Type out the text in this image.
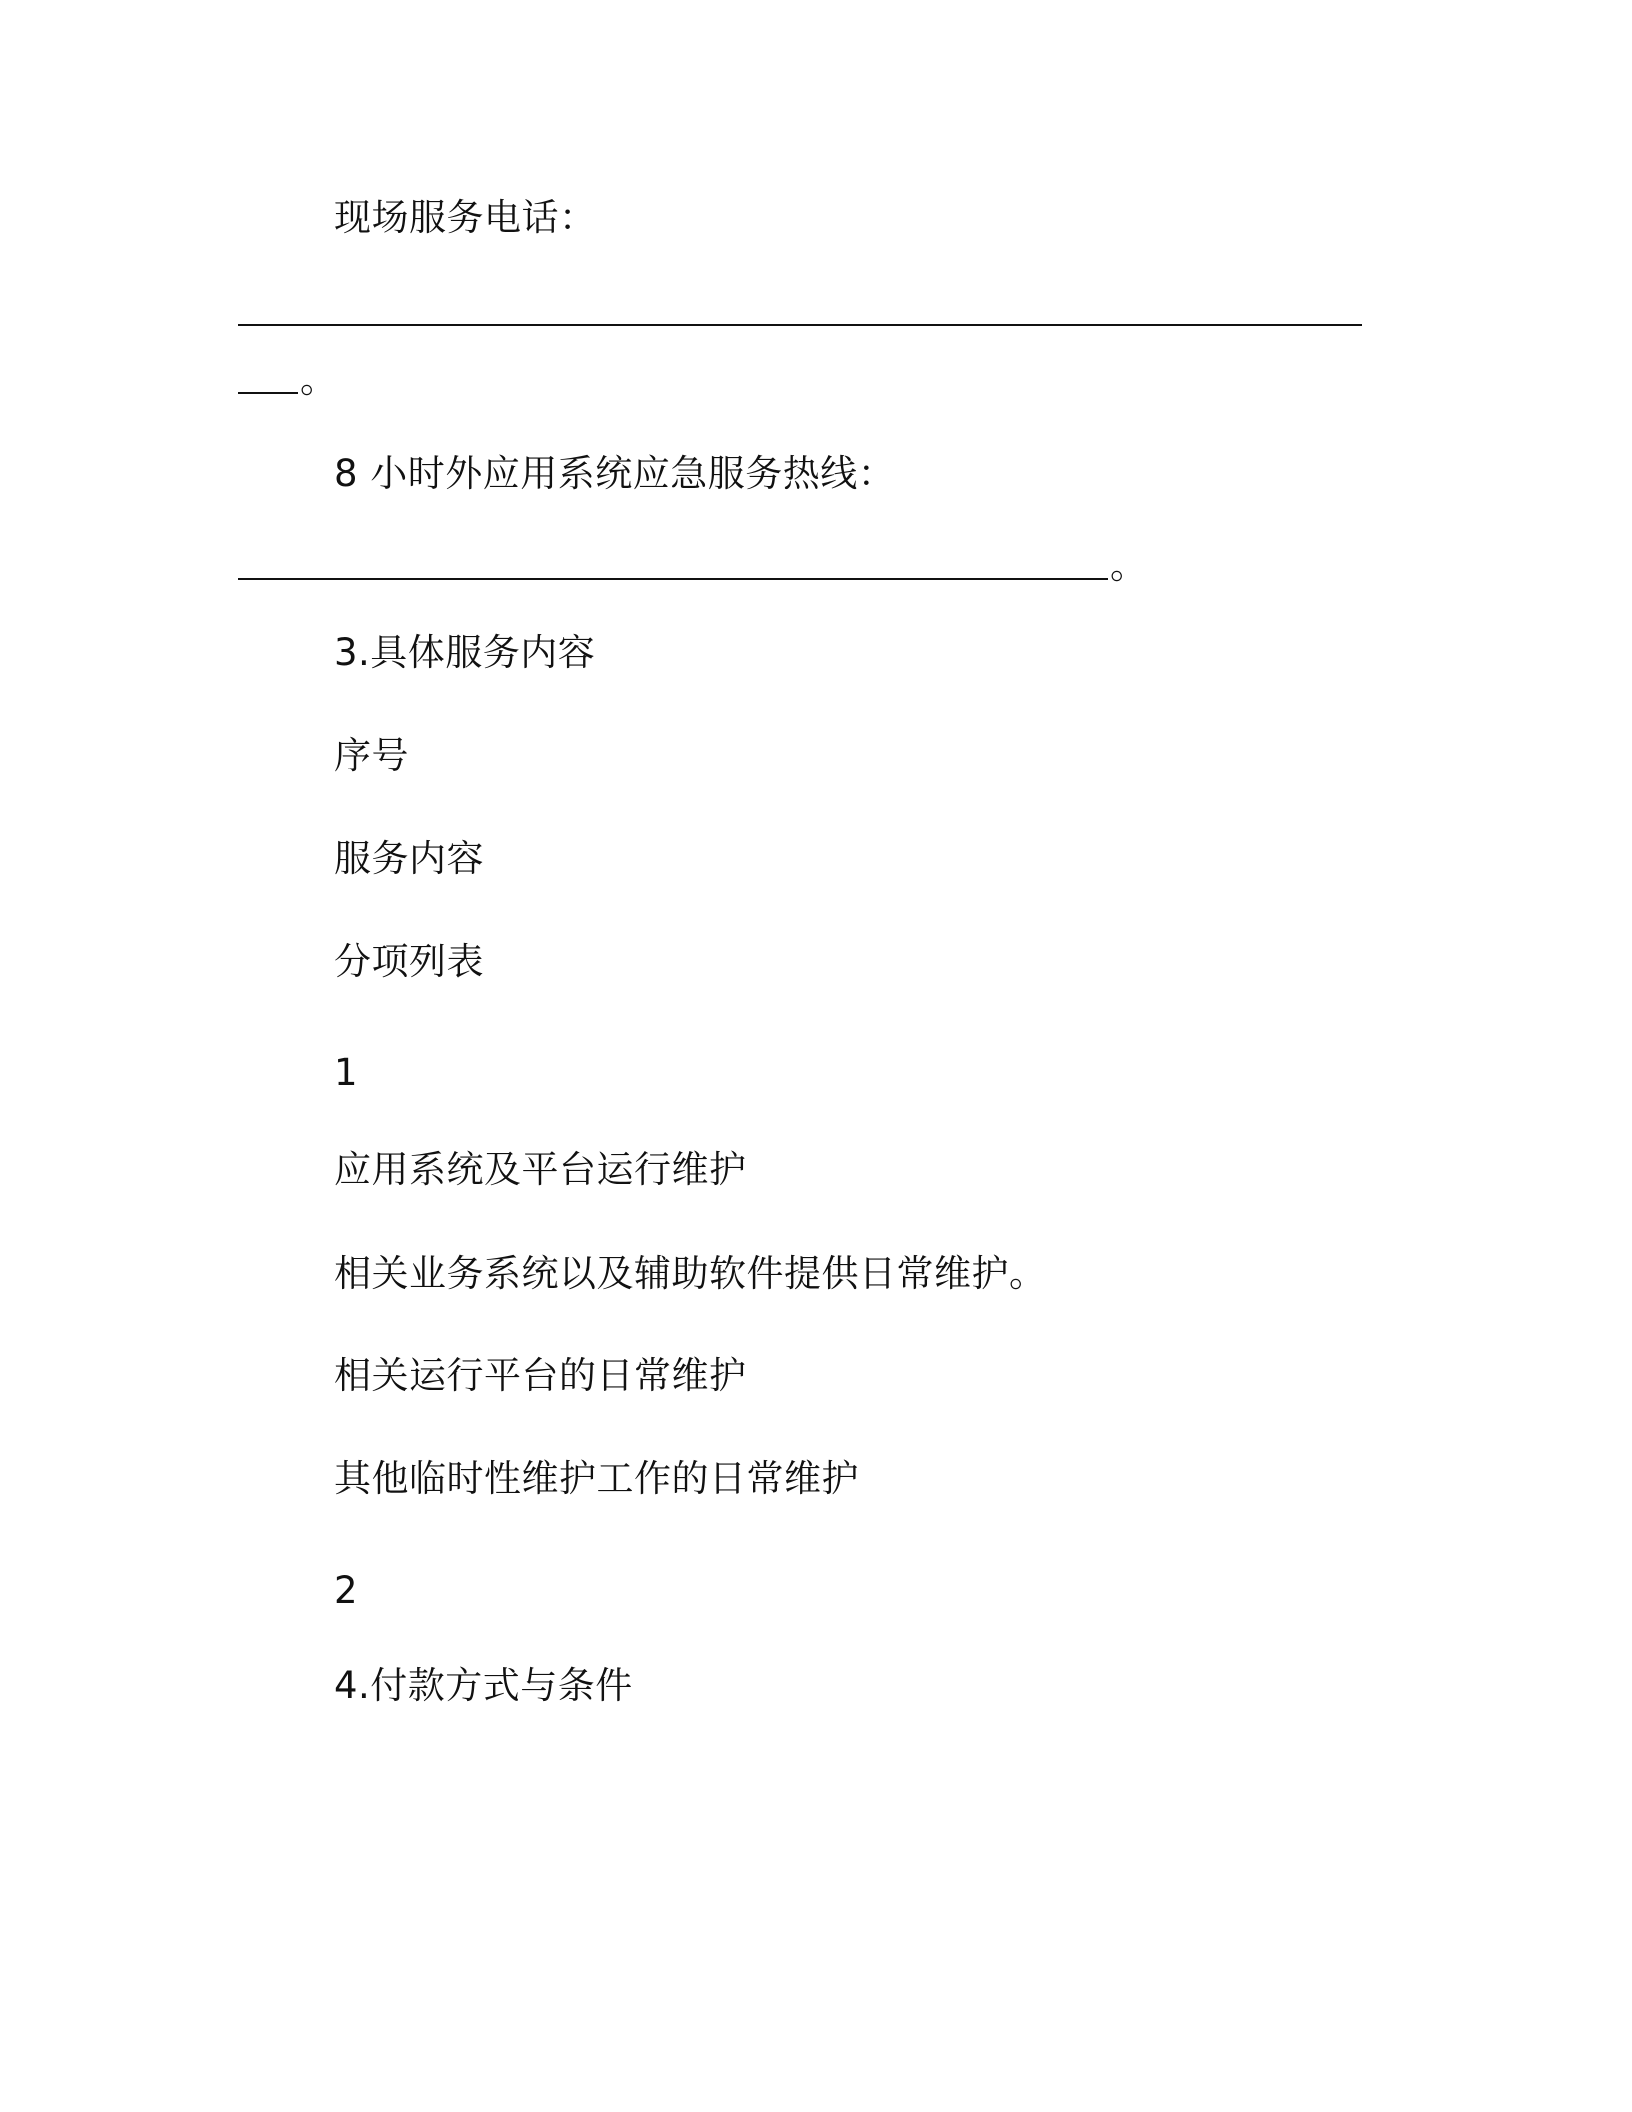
现场服务电话：
。
8 小时外应用系统应急服务热线：
。
3.具体服务内容
序号
服务内容
分项列表
1
应用系统及平台运行维护
相关业务系统以及辅助软件提供日常维护。
相关运行平台的日常维护
其他临时性维护工作的日常维护
2
4.付款方式与条件
